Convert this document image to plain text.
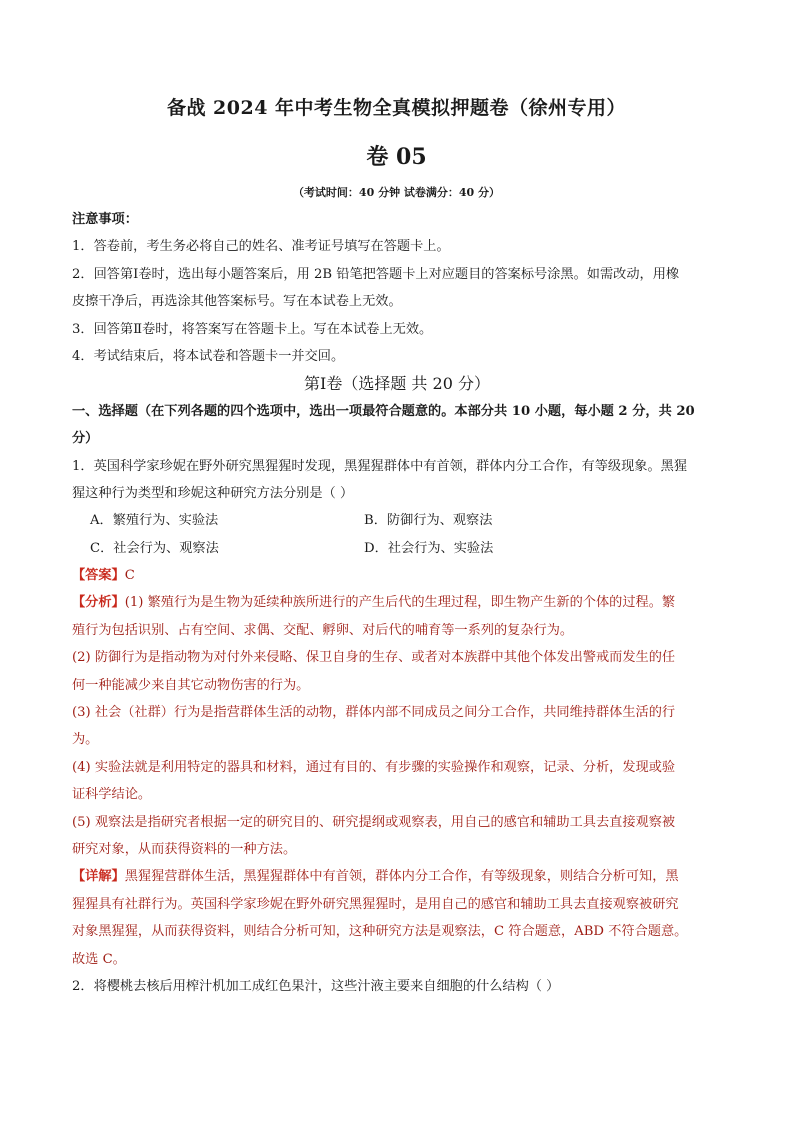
备战 2024 年中考生物全真模拟押题卷（徐州专用）
卷 05
（考试时间：40 分钟 试卷满分：40 分）
注意事项：
1．答卷前，考生务必将自己的姓名、准考证号填写在答题卡上。
2．回答第Ⅰ卷时，选出每小题答案后，用 2B 铅笔把答题卡上对应题目的答案标号涂黑。如需改动，用橡
皮擦干净后，再选涂其他答案标号。写在本试卷上无效。
3．回答第Ⅱ卷时，将答案写在答题卡上。写在本试卷上无效。
4．考试结束后，将本试卷和答题卡一并交回。
第Ⅰ卷（选择题 共 20 分）
一、选择题（在下列各题的四个选项中，选出一项最符合题意的。本部分共 10 小题，每小题 2 分，共 20
分）
1．英国科学家珍妮在野外研究黑猩猩时发现，黑猩猩群体中有首领，群体内分工合作，有等级现象。黑猩
猩这种行为类型和珍妮这种研究方法分别是（ ）
A．繁殖行为、实验法	B．防御行为、观察法
C．社会行为、观察法	D．社会行为、实验法
【答案】C
【分析】(1) 繁殖行为是生物为延续种族所进行的产生后代的生理过程，即生物产生新的个体的过程。繁
殖行为包括识别、占有空间、求偶、交配、孵卵、对后代的哺育等一系列的复杂行为。
(2) 防御行为是指动物为对付外来侵略、保卫自身的生存、或者对本族群中其他个体发出警戒而发生的任
何一种能减少来自其它动物伤害的行为。
(3) 社会（社群）行为是指营群体生活的动物，群体内部不同成员之间分工合作，共同维持群体生活的行
为。
(4) 实验法就是利用特定的器具和材料，通过有目的、有步骤的实验操作和观察，记录、分析，发现或验
证科学结论。
(5) 观察法是指研究者根据一定的研究目的、研究提纲或观察表，用自己的感官和辅助工具去直接观察被
研究对象，从而获得资料的一种方法。
【详解】黑猩猩营群体生活，黑猩猩群体中有首领，群体内分工合作，有等级现象，则结合分析可知，黑
猩猩具有社群行为。英国科学家珍妮在野外研究黑猩猩时，是用自己的感官和辅助工具去直接观察被研究
对象黑猩猩，从而获得资料，则结合分析可知，这种研究方法是观察法，C 符合题意，ABD 不符合题意。
故选 C。
2．将樱桃去核后用榨汁机加工成红色果汁，这些汁液主要来自细胞的什么结构（ ）
